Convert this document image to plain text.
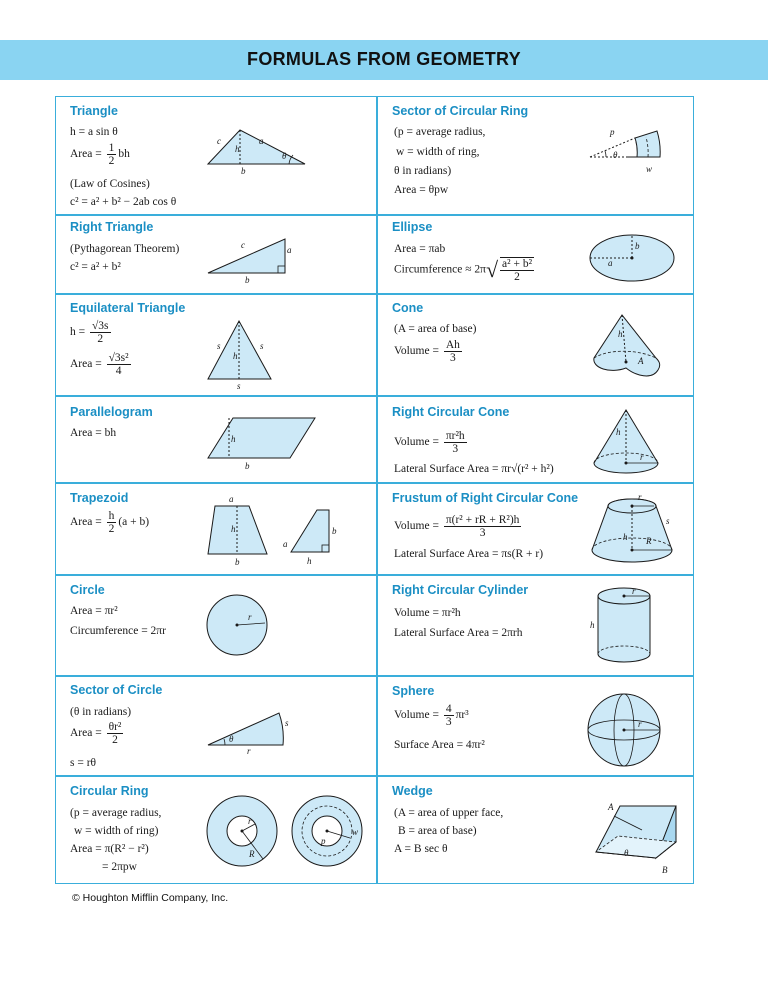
FORMULAS FROM GEOMETRY
Triangle
h = a sin θ
Area = $\frac{1}{2}$ bh
(Law of Cosines)
c² = a² + b² − 2ab cos θ
c	a
h
θ
b
Right Triangle
(Pythagorean Theorem)
c² = a² + b²
c	a
b
Equilateral Triangle
$h = \frac{√3s}{2}$
Area = $\frac{\text{√3s²}}{4}$
s	s
h
s
Parallelogram
Area = bh	h
b
Trapezoid
Area = $\frac{h}{2} (a + b)$
a
h
b
b
a
h
Circle
Area = πr²
Circumference = 2πr
r
Sector of Circle
(θ in radians)
Area = $\frac{\text{θr²}}{2}$
s = rθ
θ
s
r
Circular Ring
(p = average radius,
w = width of ring)
Area = π(R² − r²)
= 2πpw
r
R
p
w
Sector of Circular Ring
(p = average radius,
w = width of ring,
θ in radians)
Area = θpw
p
θ
w
Ellipse
Area = πab
Circumference ≈ $2\pi√ \frac{\text{a² + b²}}{2}$
b
a
Cone
(A = area of base)
Volume = $\frac{Ah}{3}$
h
A
Right Circular Cone
Volume = $\frac{\text{πr²h}}{3}$
Lateral Surface Area = πr√(r² + h²)
h
r
Frustum of Right Circular Cone
Volume = $\frac{\text{π(r² + rR + R²)h}}{3}$
Lateral Surface Area = πs(R + r)
r
s
h R
Right Circular Cylinder
Volume = πr²h
Lateral Surface Area = 2πrh
r
h
Sphere
Volume = $\frac{4}{3} \pi r^3$
Surface Area = 4πr²
r
Wedge
(A = area of upper face,
B = area of base)
A = B sec θ
A
θ
B
© Houghton Mifflin Company, Inc.
